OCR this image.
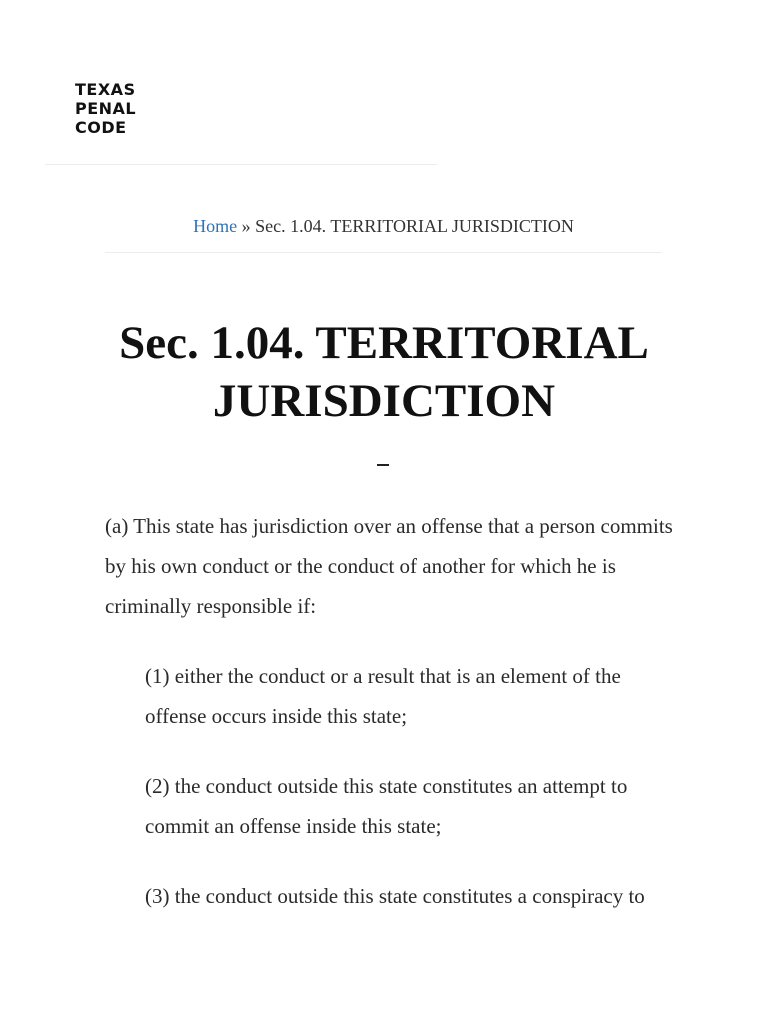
TEXAS
PENAL
CODE
Home » Sec. 1.04. TERRITORIAL JURISDICTION
Sec. 1.04. TERRITORIAL JURISDICTION

(a) This state has jurisdiction over an offense that a person commits by his own conduct or the conduct of another for which he is criminally responsible if:

(1) either the conduct or a result that is an element of the offense occurs inside this state;

(2) the conduct outside this state constitutes an attempt to commit an offense inside this state;

(3) the conduct outside this state constitutes a conspiracy to
